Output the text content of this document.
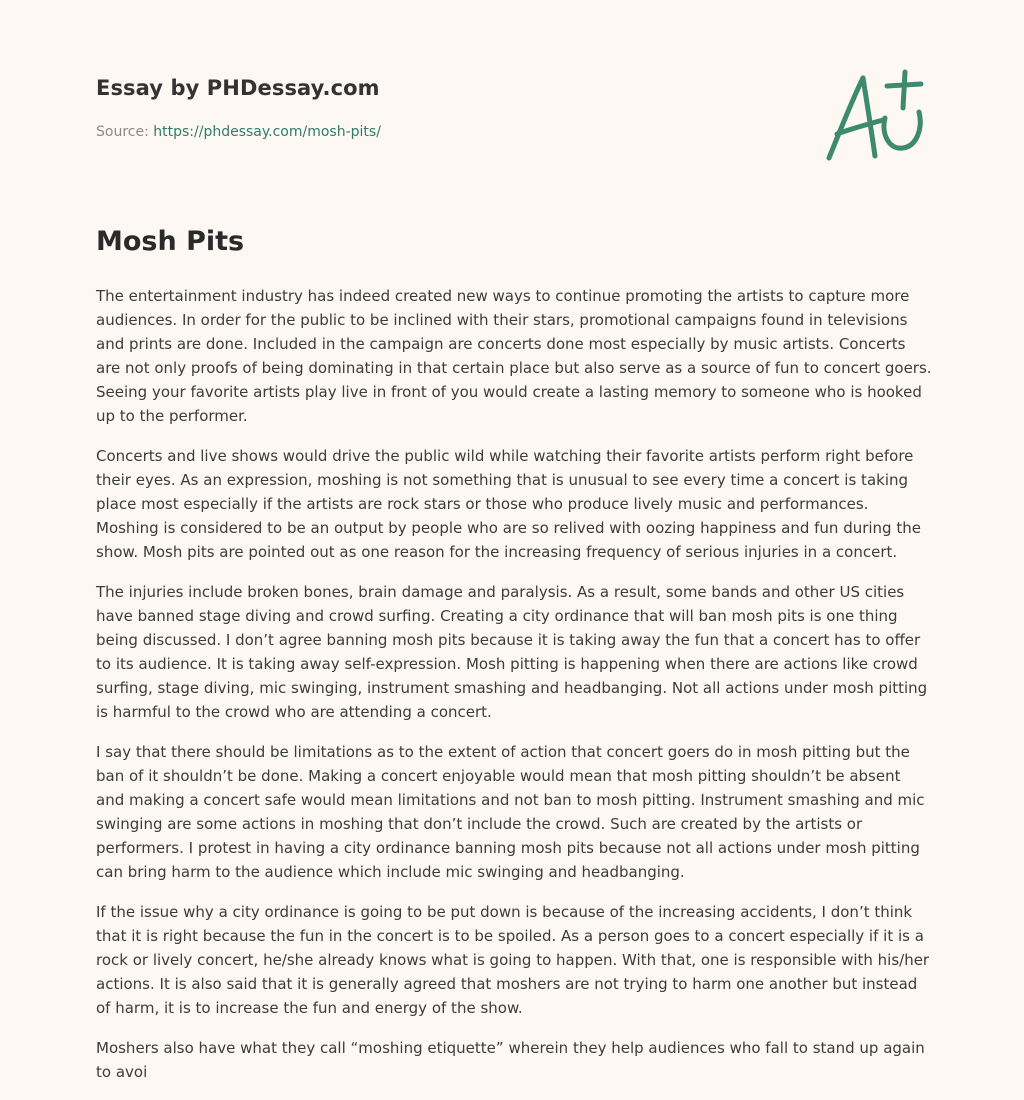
Essay by PHDessay.com
Source: https://phdessay.com/mosh-pits/
Mosh Pits

The entertainment industry has indeed created new ways to continue promoting the artists to capture more audiences. In order for the public to be inclined with their stars, promotional campaigns found in televisions and prints are done. Included in the campaign are concerts done most especially by music artists. Concerts are not only proofs of being dominating in that certain place but also serve as a source of fun to concert goers. Seeing your favorite artists play live in front of you would create a lasting memory to someone who is hooked up to the performer.

Concerts and live shows would drive the public wild while watching their favorite artists perform right before their eyes. As an expression, moshing is not something that is unusual to see every time a concert is taking place most especially if the artists are rock stars or those who produce lively music and performances. Moshing is considered to be an output by people who are so relived with oozing happiness and fun during the show. Mosh pits are pointed out as one reason for the increasing frequency of serious injuries in a concert.

The injuries include broken bones, brain damage and paralysis. As a result, some bands and other US cities have banned stage diving and crowd surfing. Creating a city ordinance that will ban mosh pits is one thing being discussed. I don’t agree banning mosh pits because it is taking away the fun that a concert has to offer to its audience. It is taking away self-expression. Mosh pitting is happening when there are actions like crowd surfing, stage diving, mic swinging, instrument smashing and headbanging. Not all actions under mosh pitting is harmful to the crowd who are attending a concert.

I say that there should be limitations as to the extent of action that concert goers do in mosh pitting but the ban of it shouldn’t be done. Making a concert enjoyable would mean that mosh pitting shouldn’t be absent and making a concert safe would mean limitations and not ban to mosh pitting. Instrument smashing and mic swinging are some actions in moshing that don’t include the crowd. Such are created by the artists or performers. I protest in having a city ordinance banning mosh pits because not all actions under mosh pitting can bring harm to the audience which include mic swinging and headbanging.

If the issue why a city ordinance is going to be put down is because of the increasing accidents, I don’t think that it is right because the fun in the concert is to be spoiled. As a person goes to a concert especially if it is a rock or lively concert, he/she already knows what is going to happen. With that, one is responsible with his/her actions. It is also said that it is generally agreed that moshers are not trying to harm one another but instead of harm, it is to increase the fun and energy of the show.

Moshers also have what they call “moshing etiquette” wherein they help audiences who fall to stand up again to avoi
